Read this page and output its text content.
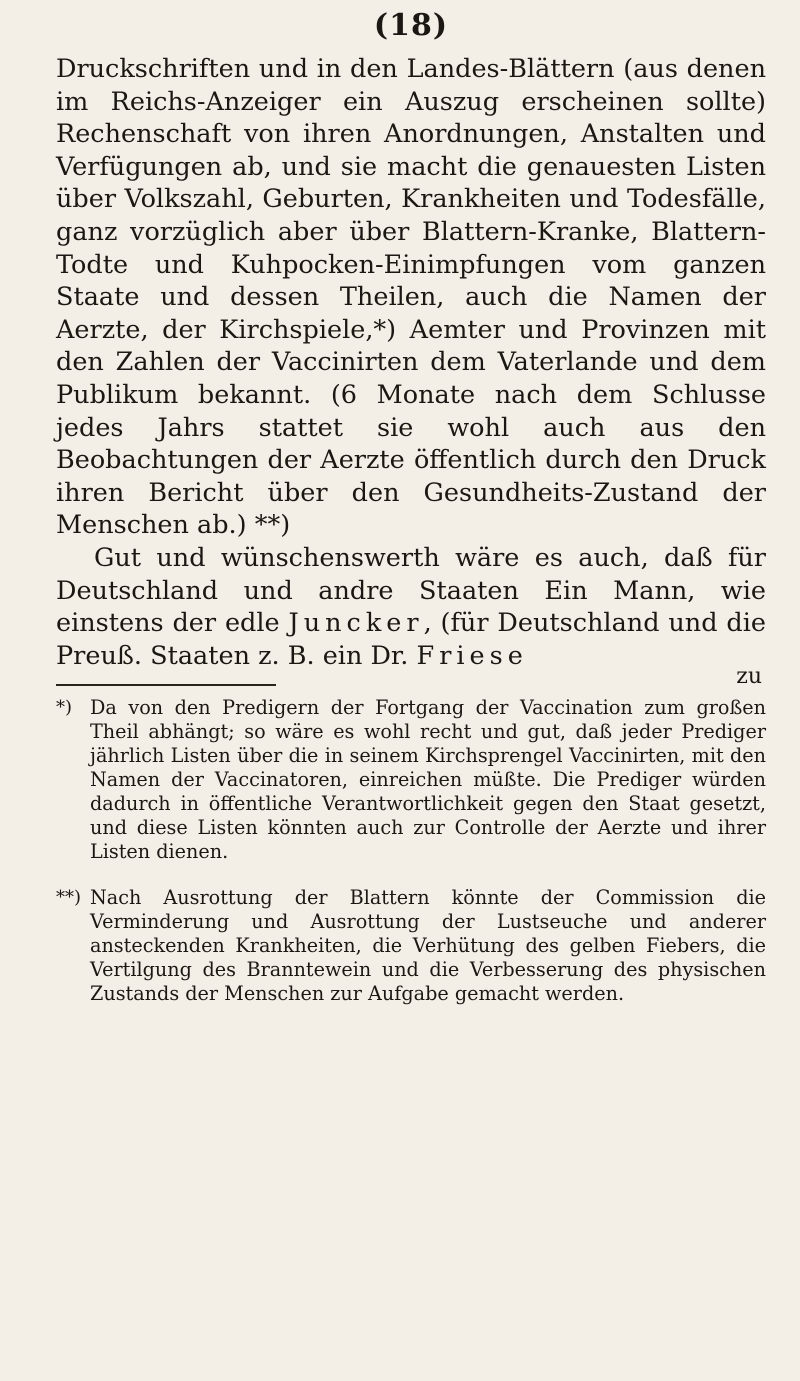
(18)

Druckschriften und in den Landes-Blättern (aus denen im Reichs-Anzeiger ein Auszug erscheinen sollte) Rechenschaft von ihren Anordnungen, Anstalten und Verfügungen ab, und sie macht die genauesten Listen über Volkszahl, Geburten, Krankheiten und Todesfälle, ganz vorzüglich aber über Blattern-Kranke, Blattern-Todte und Kuhpocken-Einimpfungen vom ganzen Staate und dessen Theilen, auch die Namen der Aerzte, der Kirchspiele,*) Aemter und Provinzen mit den Zahlen der Vaccinirten dem Vaterlande und dem Publikum bekannt. (6 Monate nach dem Schlusse jedes Jahrs stattet sie wohl auch aus den Beobachtungen der Aerzte öffentlich durch den Druck ihren Bericht über den Gesundheits-Zustand der Menschen ab.) **)

Gut und wünschenswerth wäre es auch, daß für Deutschland und andre Staaten Ein Mann, wie einstens der edle Juncker, (für Deutschland und die Preuß. Staaten z. B. ein Dr. Friese

zu
*) Da von den Predigern der Fortgang der Vaccination zum großen Theil abhängt; so wäre es wohl recht und gut, daß jeder Prediger jährlich Listen über die in seinem Kirchsprengel Vaccinirten, mit den Namen der Vaccinatoren, einreichen müßte. Die Prediger würden dadurch in öffentliche Verantwortlichkeit gegen den Staat gesetzt, und diese Listen könnten auch zur Controlle der Aerzte und ihrer Listen dienen.
**) Nach Ausrottung der Blattern könnte der Commission die Verminderung und Ausrottung der Lustseuche und anderer ansteckenden Krankheiten, die Verhütung des gelben Fiebers, die Vertilgung des Branntewein und die Verbesserung des physischen Zustands der Menschen zur Aufgabe gemacht werden.
